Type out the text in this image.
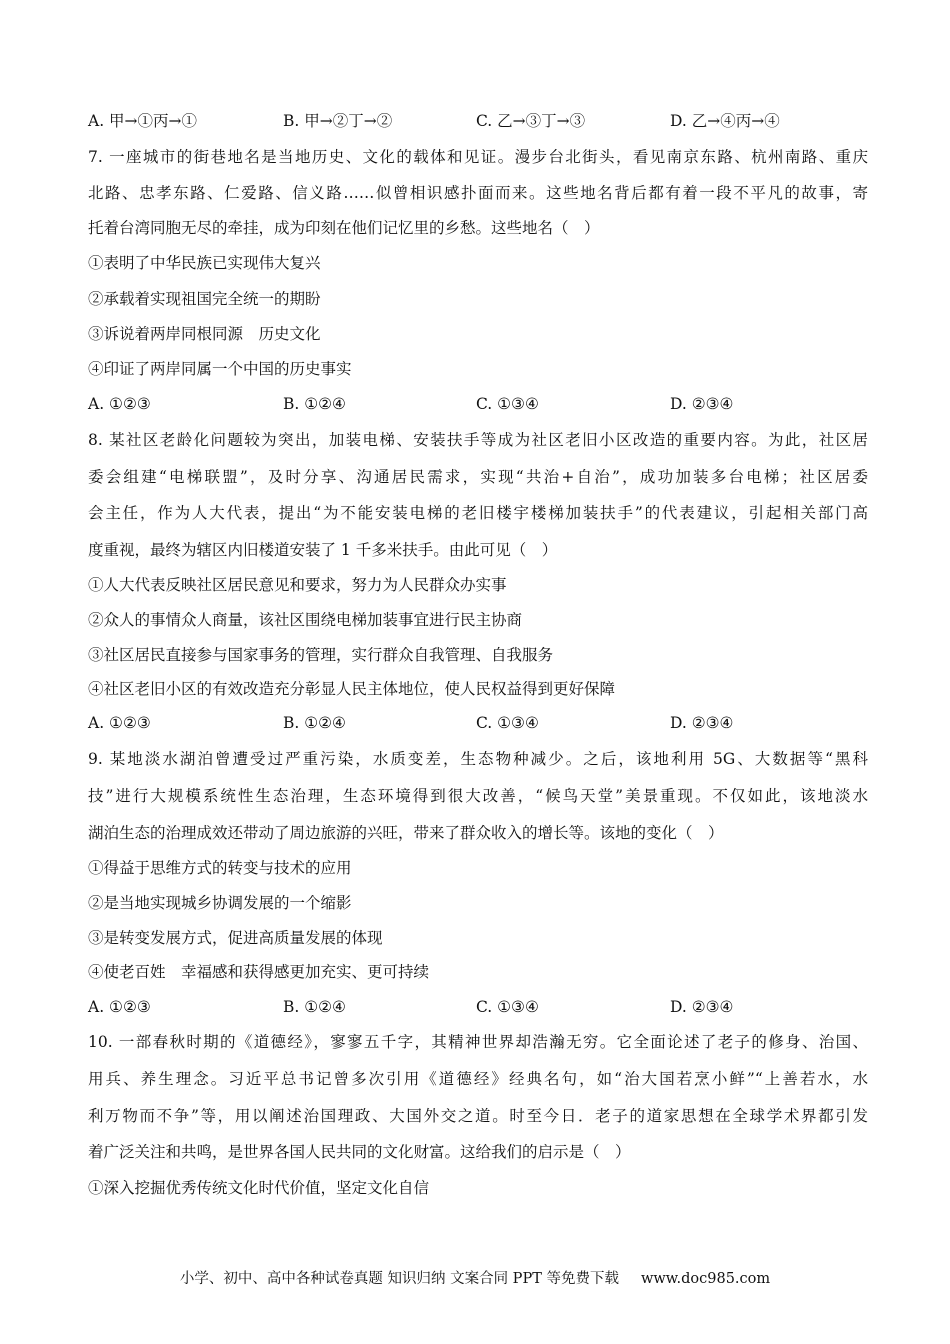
A. 甲→①丙→①	B. 甲→②丁→②	C. 乙→③丁→③	D. 乙→④丙→④
7. 一座城市的街巷地名是当地历史、文化的载体和见证。漫步台北街头，看见南京东路、杭州南路、重庆
北路、忠孝东路、仁爱路、信义路……似曾相识感扑面而来。这些地名背后都有着一段不平凡的故事，寄
托着台湾同胞无尽的牵挂，成为印刻在他们记忆里的乡愁。这些地名（　）
①表明了中华民族已实现伟大复兴
②承载着实现祖国完全统一的期盼
③诉说着两岸同根同源　历史文化
④印证了两岸同属一个中国的历史事实
A. ①②③	B. ①②④	C. ①③④	D. ②③④
8. 某社区老龄化问题较为突出，加装电梯、安装扶手等成为社区老旧小区改造的重要内容。为此，社区居
委会组建“电梯联盟”，及时分享、沟通居民需求，实现“共治+自治”，成功加装多台电梯；社区居委
会主任，作为人大代表，提出“为不能安装电梯的老旧楼宇楼梯加装扶手”的代表建议，引起相关部门高
度重视，最终为辖区内旧楼道安装了 1 千多米扶手。由此可见（　）
①人大代表反映社区居民意见和要求，努力为人民群众办实事
②众人的事情众人商量，该社区围绕电梯加装事宜进行民主协商
③社区居民直接参与国家事务的管理，实行群众自我管理、自我服务
④社区老旧小区的有效改造充分彰显人民主体地位，使人民权益得到更好保障
A. ①②③	B. ①②④	C. ①③④	D. ②③④
9. 某地淡水湖泊曾遭受过严重污染，水质变差，生态物种减少。之后，该地利用 5G、大数据等“黑科
技”进行大规模系统性生态治理，生态环境得到很大改善，“候鸟天堂”美景重现。不仅如此，该地淡水
湖泊生态的治理成效还带动了周边旅游的兴旺，带来了群众收入的增长等。该地的变化（　）
①得益于思维方式的转变与技术的应用
②是当地实现城乡协调发展的一个缩影
③是转变发展方式，促进高质量发展的体现
④使老百姓　幸福感和获得感更加充实、更可持续
A. ①②③	B. ①②④	C. ①③④	D. ②③④
10. 一部春秋时期的《道德经》，寥寥五千字，其精神世界却浩瀚无穷。它全面论述了老子的修身、治国、
用兵、养生理念。习近平总书记曾多次引用《道德经》经典名句，如“治大国若烹小鲜”“上善若水，水
利万物而不争”等，用以阐述治国理政、大国外交之道。时至今日．老子的道家思想在全球学术界都引发
着广泛关注和共鸣，是世界各国人民共同的文化财富。这给我们的启示是（　）
①深入挖掘优秀传统文化时代价值，坚定文化自信
小学、初中、高中各种试卷真题 知识归纳 文案合同 PPT 等免费下载 www.doc985.com
